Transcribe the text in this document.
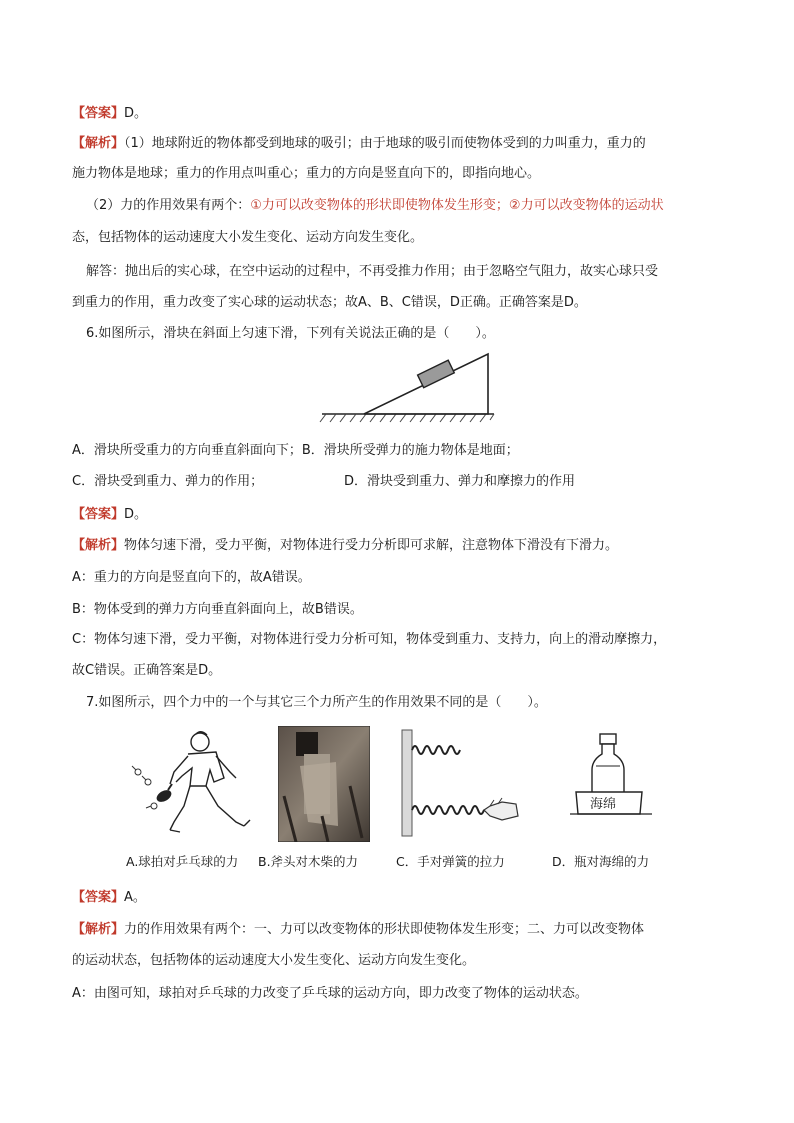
【答案】D。
【解析】（1）地球附近的物体都受到地球的吸引；由于地球的吸引而使物体受到的力叫重力，重力的
施力物体是地球；重力的作用点叫重心；重力的方向是竖直向下的，即指向地心。
（2）力的作用效果有两个：①力可以改变物体的形状即使物体发生形变；②力可以改变物体的运动状
态，包括物体的运动速度大小发生变化、运动方向发生变化。
解答：抛出后的实心球，在空中运动的过程中，不再受推力作用；由于忽略空气阻力，故实心球只受
到重力的作用，重力改变了实心球的运动状态；故A、B、C错误，D正确。正确答案是D。
6.如图所示，滑块在斜面上匀速下滑，下列有关说法正确的是（　　）。
A．滑块所受重力的方向垂直斜面向下；B．滑块所受弹力的施力物体是地面；
C．滑块受到重力、弹力的作用；	D．滑块受到重力、弹力和摩擦力的作用
【答案】D。
【解析】物体匀速下滑，受力平衡，对物体进行受力分析即可求解，注意物体下滑没有下滑力。
A：重力的方向是竖直向下的，故A错误。
B：物体受到的弹力方向垂直斜面向上，故B错误。
C：物体匀速下滑，受力平衡，对物体进行受力分析可知，物体受到重力、支持力，向上的滑动摩擦力，
故C错误。正确答案是D。
7.如图所示，四个力中的一个与其它三个力所产生的作用效果不同的是（　　）。
海绵
A.球拍对乒乓球的力 B.斧头对木柴的力	C．手对弹簧的拉力	D．瓶对海绵的力
【答案】A。
【解析】力的作用效果有两个：一、力可以改变物体的形状即使物体发生形变；二、力可以改变物体
的运动状态，包括物体的运动速度大小发生变化、运动方向发生变化。
A：由图可知，球拍对乒乓球的力改变了乒乓球的运动方向，即力改变了物体的运动状态。
